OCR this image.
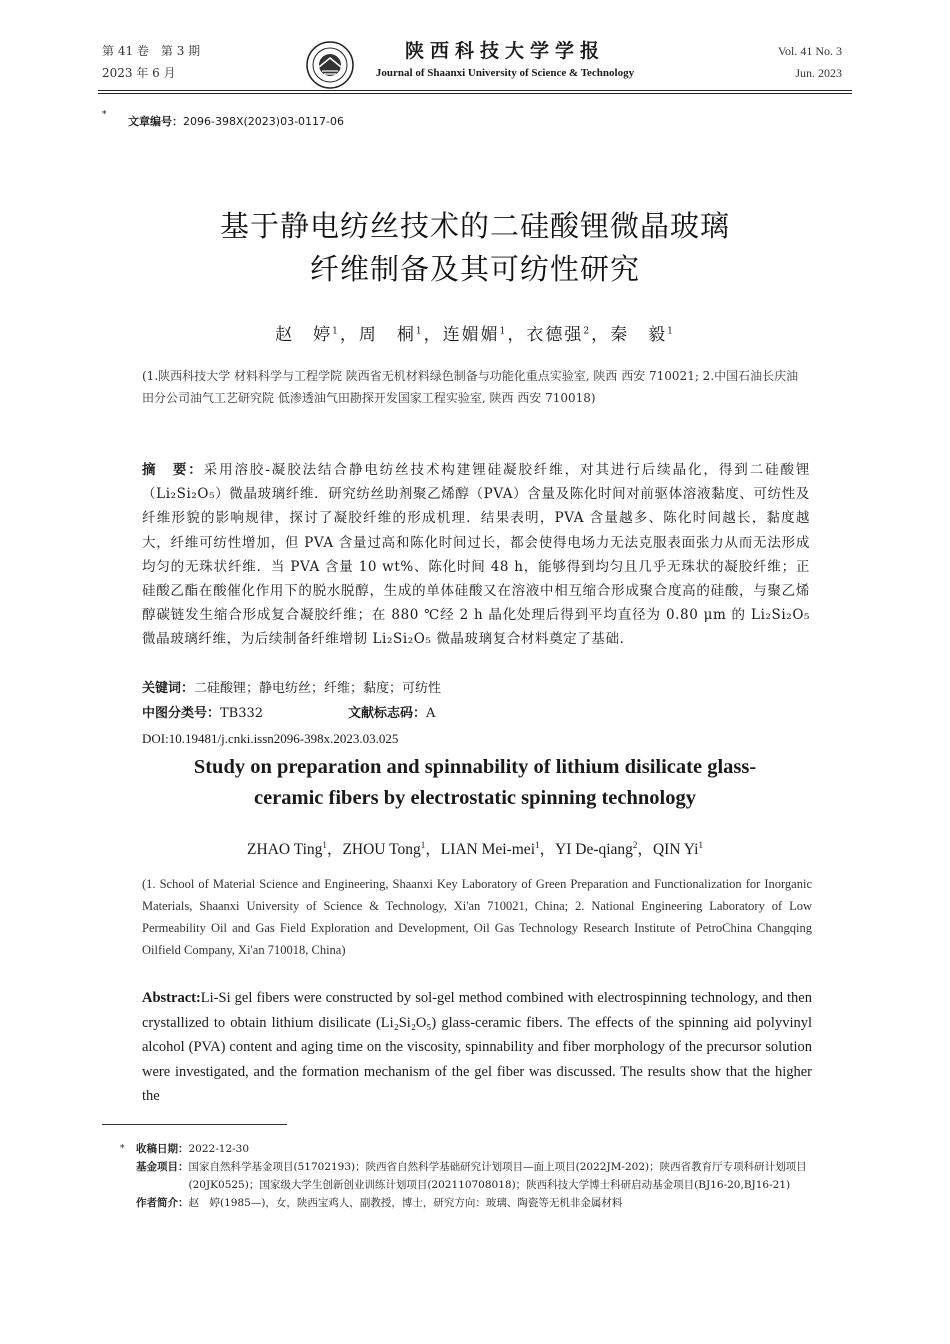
第 41 卷　第 3 期
2023 年 6 月
陕西科技大学学报
Journal of Shaanxi University of Science & Technology
Vol. 41 No. 3
Jun. 2023
* 文章编号：2096-398X(2023)03-0117-06
基于静电纺丝技术的二硅酸锂微晶玻璃
纤维制备及其可纺性研究
赵　婷$^1$，周　桐$^1$，连媚媚$^1$，衣德强$^2$，秦　毅$^1$
(1.陕西科技大学 材料科学与工程学院 陕西省无机材料绿色制备与功能化重点实验室, 陕西 西安 710021; 2.中国石油长庆油田分公司油气工艺研究院 低渗透油气田勘探开发国家工程实验室, 陕西 西安 710018)
摘　要：采用溶胶-凝胶法结合静电纺丝技术构建锂硅凝胶纤维，对其进行后续晶化，得到二硅酸锂（Li₂Si₂O₅）微晶玻璃纤维．研究纺丝助剂聚乙烯醇（PVA）含量及陈化时间对前驱体溶液黏度、可纺性及纤维形貌的影响规律，探讨了凝胶纤维的形成机理．结果表明，PVA 含量越多、陈化时间越长，黏度越大，纤维可纺性增加，但 PVA 含量过高和陈化时间过长，都会使得电场力无法克服表面张力从而无法形成均匀的无珠状纤维．当 PVA 含量 10 wt%、陈化时间 48 h，能够得到均匀且几乎无珠状的凝胶纤维；正硅酸乙酯在酸催化作用下的脱水脱醇，生成的单体硅酸又在溶液中相互缩合形成聚合度高的硅酸，与聚乙烯醇碳链发生缩合形成复合凝胶纤维；在 880 ℃经 2 h 晶化处理后得到平均直径为 0.80 μm 的 Li₂Si₂O₅ 微晶玻璃纤维，为后续制备纤维增韧 Li₂Si₂O₅ 微晶玻璃复合材料奠定了基础．
关键词：二硅酸锂；静电纺丝；纤维；黏度；可纺性
中图分类号：TB332	文献标志码：A
DOI:10.19481/j.cnki.issn2096-398x.2023.03.025
Study on preparation and spinnability of lithium disilicate glass-
ceramic fibers by electrostatic spinning technology
ZHAO Ting$^1$，ZHOU Tong$^1$，LIAN Mei-mei$^1$，YI De-qiang$^2$，QIN Yi$^1$
(1. School of Material Science and Engineering, Shaanxi Key Laboratory of Green Preparation and Functionalization for Inorganic Materials, Shaanxi University of Science & Technology, Xi'an 710021, China; 2. National Engineering Laboratory of Low Permeability Oil and Gas Field Exploration and Development, Oil Gas Technology Research Institute of PetroChina Changqing Oilfield Company, Xi'an 710018, China)
Abstract:Li-Si gel fibers were constructed by sol-gel method combined with electrospinning technology, and then crystallized to obtain lithium disilicate (Li₂Si₂O₅) glass-ceramic fibers. The effects of the spinning aid polyvinyl alcohol (PVA) content and aging time on the viscosity, spinnability and fiber morphology of the precursor solution were investigated, and the formation mechanism of the gel fiber was discussed. The results show that the higher the
*	收稿日期： 2022-12-30
基金项目： 国家自然科学基金项目(51702193)；陕西省自然科学基础研究计划项目—面上项目(2022JM-202)；陕西省教育厅专项科研计划项目(20JK0525)；国家级大学生创新创业训练计划项目(202110708018)；陕西科技大学博士科研启动基金项目(BJ16-20,BJ16-21)
作者简介： 赵　婷(1985—)，女，陕西宝鸡人，副教授，博士，研究方向：玻璃、陶瓷等无机非金属材料
